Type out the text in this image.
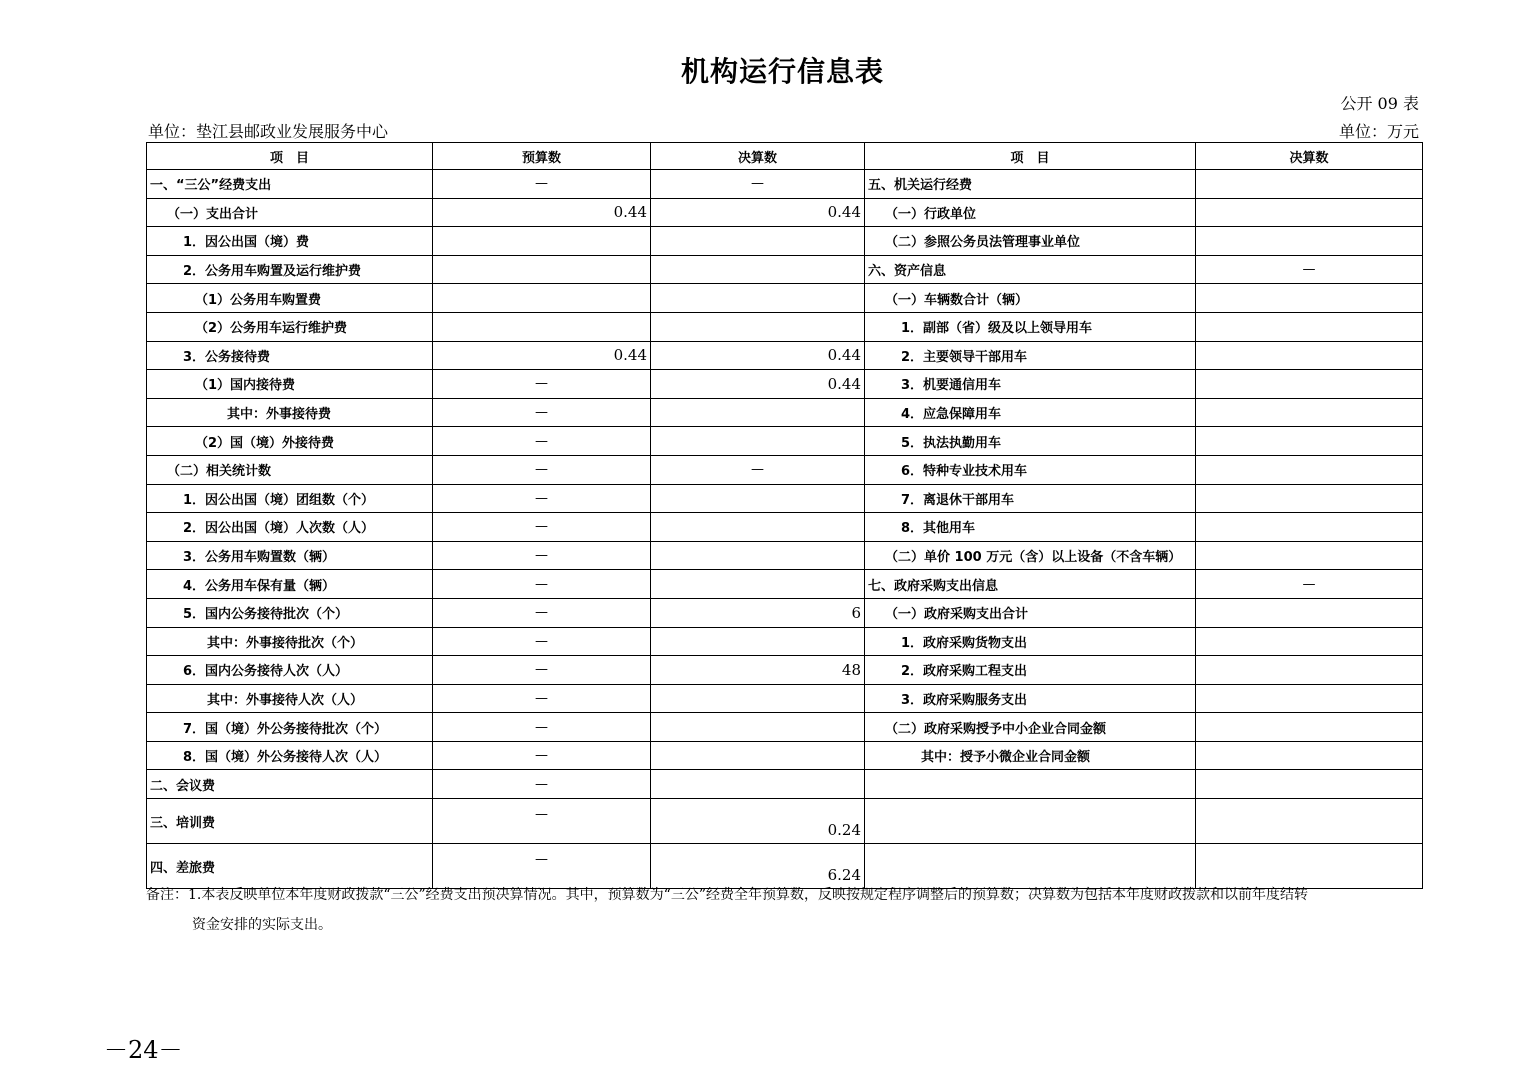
机构运行信息表
公开 09 表
单位：垫江县邮政业发展服务中心	单位：万元
项　目	预算数	决算数	项　目	决算数
一、“三公”经费支出	—	—	五、机关运行经费	
（一）支出合计	0.44	0.44	（一）行政单位	
1．因公出国（境）费			（二）参照公务员法管理事业单位	
2．公务用车购置及运行维护费			六、资产信息	—
（1）公务用车购置费			（一）车辆数合计（辆）	
（2）公务用车运行维护费			1．副部（省）级及以上领导用车	
3．公务接待费	0.44	0.44	2．主要领导干部用车	
（1）国内接待费	—	0.44	3．机要通信用车	
其中：外事接待费	—		4．应急保障用车	
（2）国（境）外接待费	—		5．执法执勤用车	
（二）相关统计数	—	—	6．特种专业技术用车	
1．因公出国（境）团组数（个）	—		7．离退休干部用车	
2．因公出国（境）人次数（人）	—		8．其他用车	
3．公务用车购置数（辆）	—		（二）单价 100 万元（含）以上设备（不含车辆）	
4．公务用车保有量（辆）	—		七、政府采购支出信息	—
5．国内公务接待批次（个）	—	6	（一）政府采购支出合计	
其中：外事接待批次（个）	—		1．政府采购货物支出	
6．国内公务接待人次（人）	—	48	2．政府采购工程支出	
其中：外事接待人次（人）	—		3．政府采购服务支出	
7．国（境）外公务接待批次（个）	—		（二）政府采购授予中小企业合同金额	
8．国（境）外公务接待人次（人）	—		其中：授予小微企业合同金额	
二、会议费	—			
三、培训费	—	0.24		
四、差旅费	—	6.24		
备注：1.本表反映单位本年度财政拨款“三公”经费支出预决算情况。其中，预算数为“三公”经费全年预算数，反映按规定程序调整后的预算数；决算数为包括本年度财政拨款和以前年度结转
资金安排的实际支出。
－24－
